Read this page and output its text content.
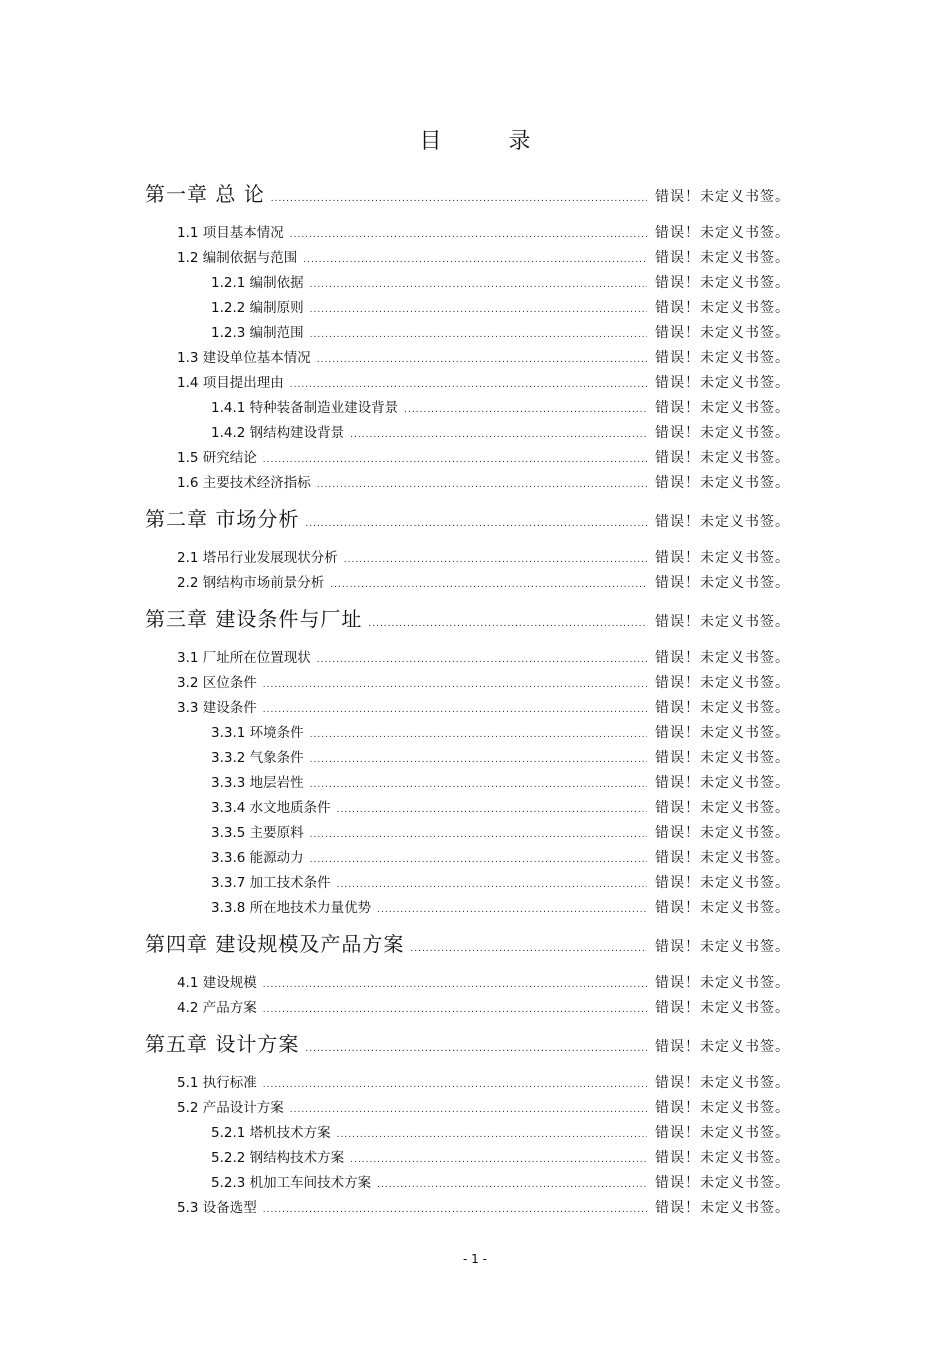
目 录
第一章 总 论 .....	错误！未定义书签。
1.1 项目基本情况 .....	错误！未定义书签。
1.2 编制依据与范围 .....	错误！未定义书签。
1.2.1 编制依据 .....	错误！未定义书签。
1.2.2 编制原则 .....	错误！未定义书签。
1.2.3 编制范围 .....	错误！未定义书签。
1.3 建设单位基本情况 .....	错误！未定义书签。
1.4 项目提出理由 .....	错误！未定义书签。
1.4.1 特种装备制造业建设背景 .....	错误！未定义书签。
1.4.2 钢结构建设背景 .....	错误！未定义书签。
1.5 研究结论 .....	错误！未定义书签。
1.6 主要技术经济指标 .....	错误！未定义书签。
第二章 市场分析 .....	错误！未定义书签。
2.1 塔吊行业发展现状分析 .....	错误！未定义书签。
2.2 钢结构市场前景分析 .....	错误！未定义书签。
第三章 建设条件与厂址 .....	错误！未定义书签。
3.1 厂址所在位置现状 .....	错误！未定义书签。
3.2 区位条件 .....	错误！未定义书签。
3.3 建设条件 .....	错误！未定义书签。
3.3.1 环境条件 .....	错误！未定义书签。
3.3.2 气象条件 .....	错误！未定义书签。
3.3.3 地层岩性 .....	错误！未定义书签。
3.3.4 水文地质条件 .....	错误！未定义书签。
3.3.5 主要原料 .....	错误！未定义书签。
3.3.6 能源动力 .....	错误！未定义书签。
3.3.7 加工技术条件 .....	错误！未定义书签。
3.3.8 所在地技术力量优势 .....	错误！未定义书签。
第四章 建设规模及产品方案 .....	错误！未定义书签。
4.1 建设规模 .....	错误！未定义书签。
4.2 产品方案 .....	错误！未定义书签。
第五章 设计方案 .....	错误！未定义书签。
5.1 执行标准 .....	错误！未定义书签。
5.2 产品设计方案 .....	错误！未定义书签。
5.2.1 塔机技术方案 .....	错误！未定义书签。
5.2.2 钢结构技术方案 .....	错误！未定义书签。
5.2.3 机加工车间技术方案 .....	错误！未定义书签。
5.3 设备选型 .....	错误！未定义书签。
- 1 -
